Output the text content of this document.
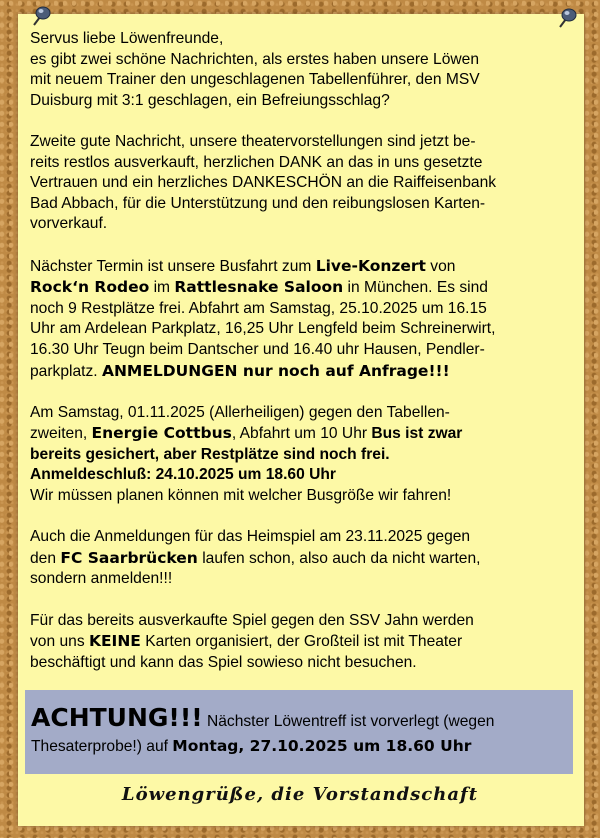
Servus liebe Löwenfreunde,
es gibt zwei schöne Nachrichten, als erstes haben unsere Löwen
mit neuem Trainer den ungeschlagenen Tabellenführer, den MSV
Duisburg mit 3:1 geschlagen, ein Befreiungsschlag?

Zweite gute Nachricht, unsere theatervorstellungen sind jetzt be-
reits restlos ausverkauft, herzlichen DANK an das in uns gesetzte
Vertrauen und ein herzliches DANKESCHÖN an die Raiffeisenbank
Bad Abbach, für die Unterstützung und den reibungslosen Karten-
vorverkauf.

Nächster Termin ist unsere Busfahrt zum Live-Konzert von
Rock‘n Rodeo im Rattlesnake Saloon in München. Es sind
noch 9 Restplätze frei. Abfahrt am Samstag, 25.10.2025 um 16.15
Uhr am Ardelean Parkplatz, 16,25 Uhr Lengfeld beim Schreinerwirt,
16.30 Uhr Teugn beim Dantscher und 16.40 uhr Hausen, Pendler-
parkplatz. ANMELDUNGEN nur noch auf Anfrage!!!

Am Samstag, 01.11.2025 (Allerheiligen) gegen den Tabellen-
zweiten, Energie Cottbus, Abfahrt um 10 Uhr Bus ist zwar
bereits gesichert, aber Restplätze sind noch frei.
Anmeldeschluß: 24.10.2025 um 18.60 Uhr
Wir müssen planen können mit welcher Busgröße wir fahren!

Auch die Anmeldungen für das Heimspiel am 23.11.2025 gegen
den FC Saarbrücken laufen schon, also auch da nicht warten,
sondern anmelden!!!

Für das bereits ausverkaufte Spiel gegen den SSV Jahn werden
von uns KEINE Karten organisiert, der Großteil ist mit Theater
beschäftigt und kann das Spiel sowieso nicht besuchen.

ACHTUNG!!! Nächster Löwentreff ist vorverlegt (wegen
Thesaterprobe!) auf Montag, 27.10.2025 um 18.60 Uhr
Löwengrüße, die Vorstandschaft
